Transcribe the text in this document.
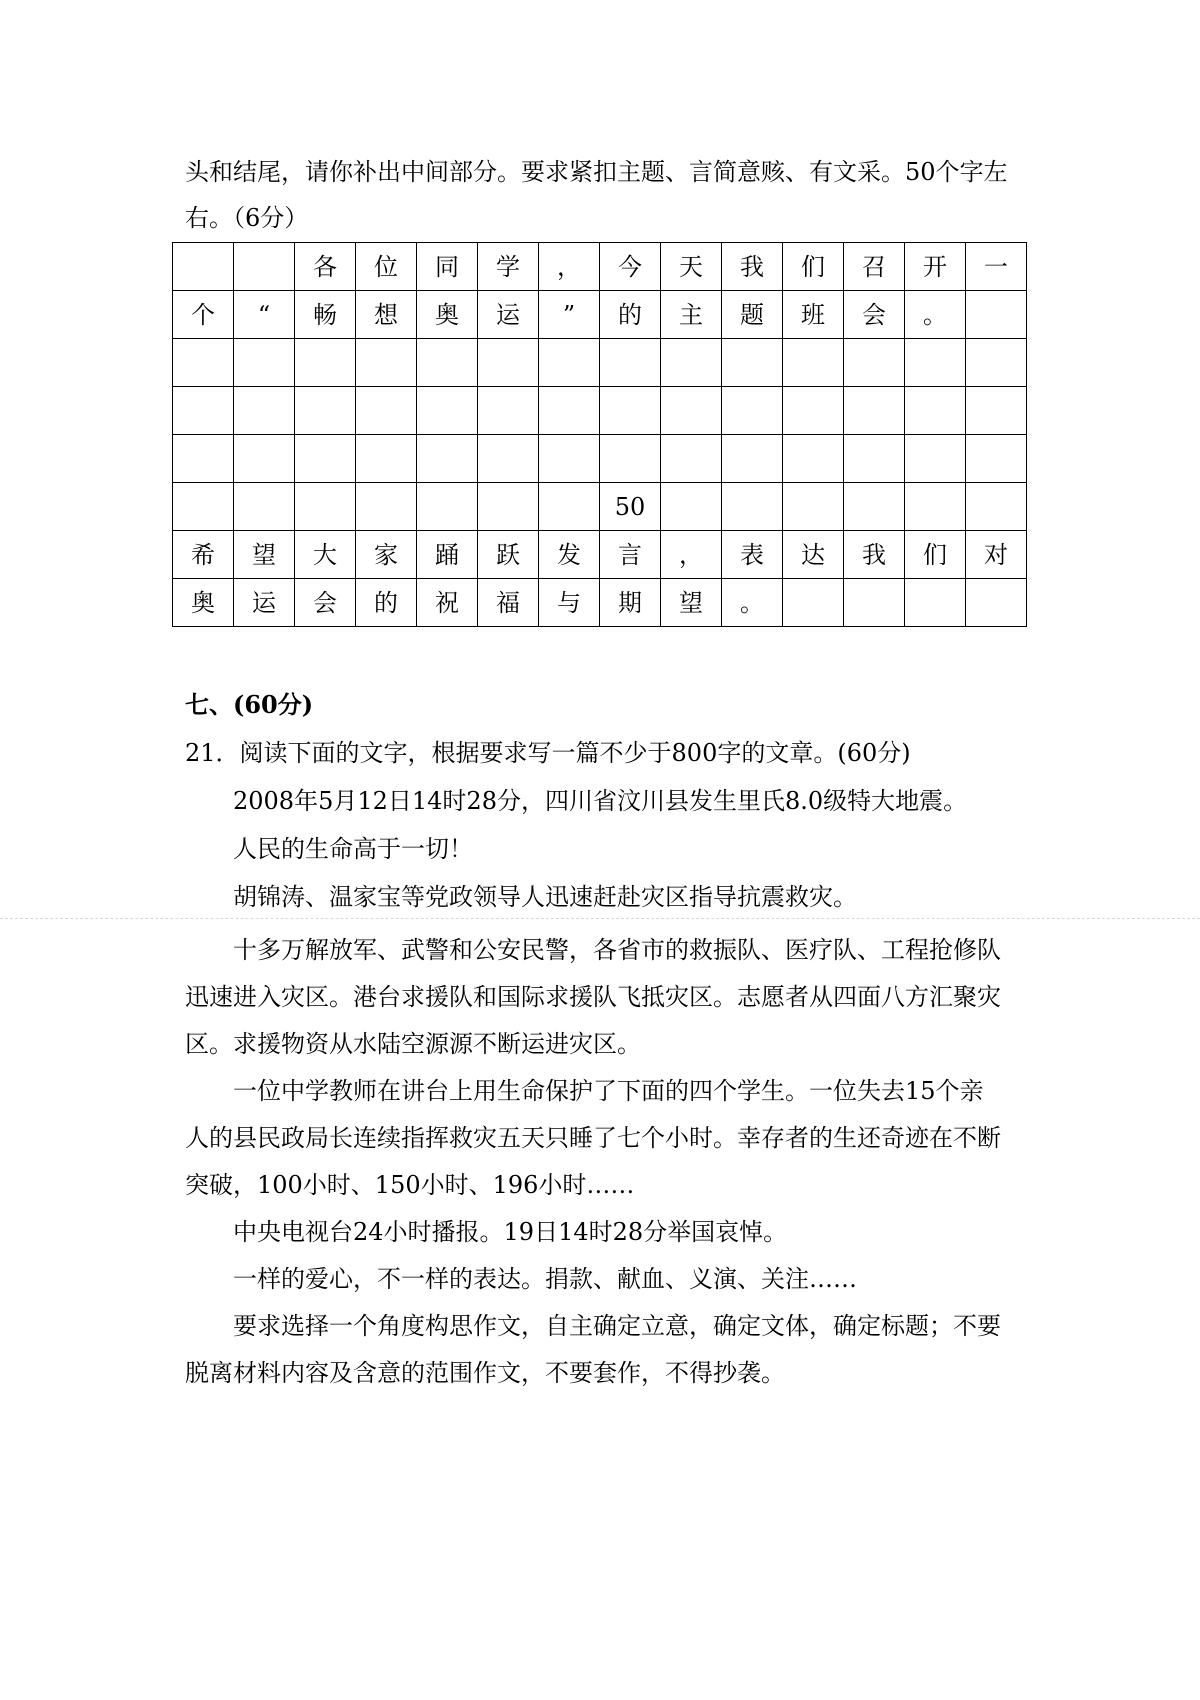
头和结尾，请你补出中间部分。要求紧扣主题、言简意赅、有文采。50个字左
右。（6分）
		各	位	同	学	，	今	天	我	们	召	开	一
个	“	畅	想	奥	运	”	的	主	题	班	会	。	

							50						
希	望	大	家	踊	跃	发	言	，	表	达	我	们	对
奥	运	会	的	祝	福	与	期	望	。				
七、(60分)
21．阅读下面的文字，根据要求写一篇不少于800字的文章。(60分)
2008年5月12日14时28分，四川省汶川县发生里氏8.0级特大地震。
人民的生命高于一切！
胡锦涛、温家宝等党政领导人迅速赶赴灾区指导抗震救灾。
十多万解放军、武警和公安民警，各省市的救振队、医疗队、工程抢修队
迅速进入灾区。港台求援队和国际求援队飞抵灾区。志愿者从四面八方汇聚灾
区。求援物资从水陆空源源不断运进灾区。
一位中学教师在讲台上用生命保护了下面的四个学生。一位失去15个亲
人的县民政局长连续指挥救灾五天只睡了七个小时。幸存者的生还奇迹在不断
突破，100小时、150小时、196小时……
中央电视台24小时播报。19日14时28分举国哀悼。
一样的爱心，不一样的表达。捐款、献血、义演、关注……
要求选择一个角度构思作文，自主确定立意，确定文体，确定标题；不要
脱离材料内容及含意的范围作文，不要套作，不得抄袭。
